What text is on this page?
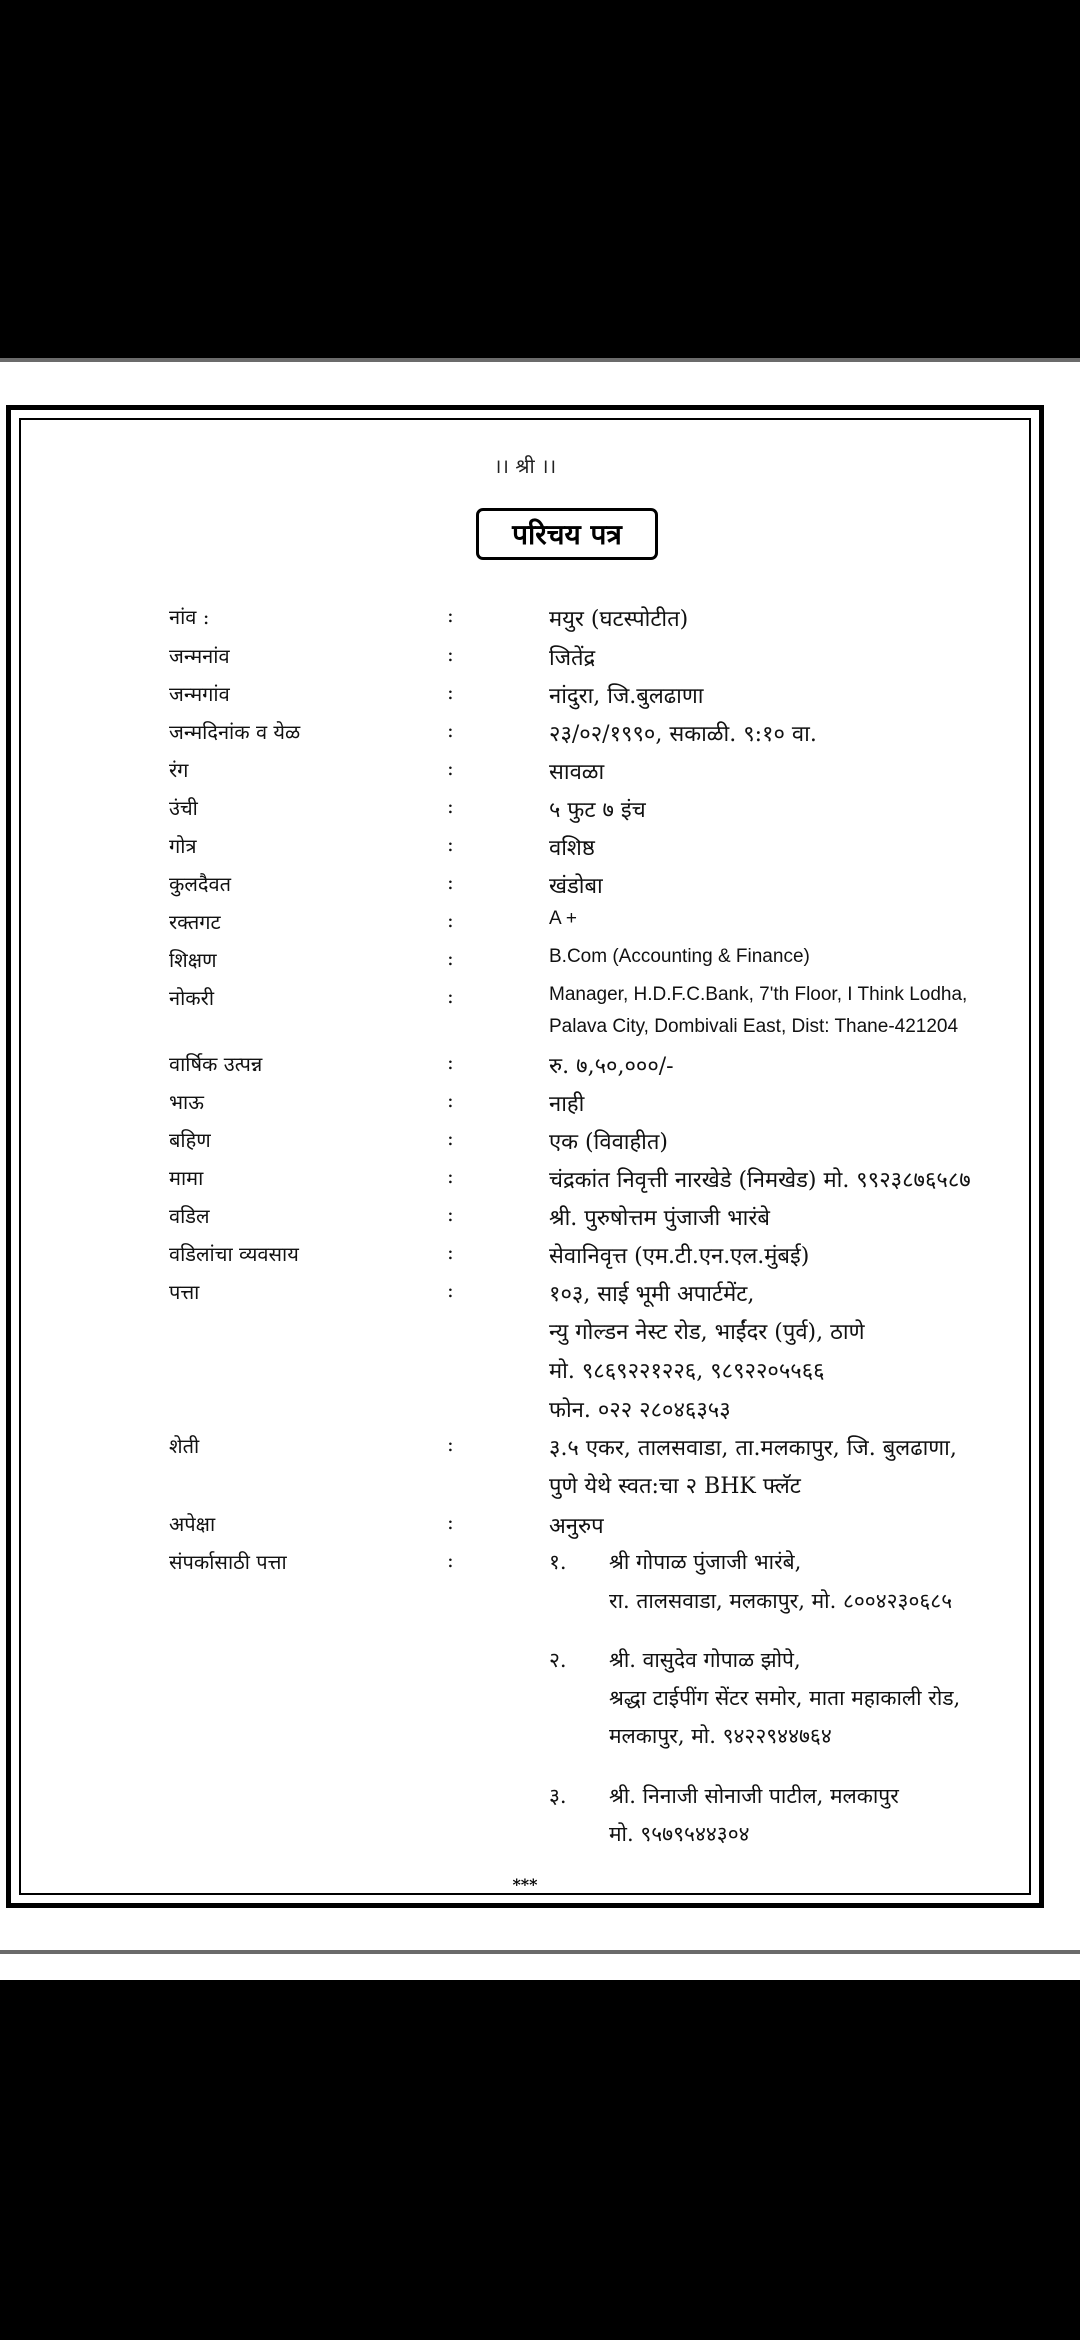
।। श्री ।।
परिचय पत्र
नांव :	:	मयुर (घटस्पोटीत)
जन्मनांव	:	जितेंद्र
जन्मगांव	:	नांदुरा, जि.बुलढाणा
जन्मदिनांक व येळ	:	२३/०२/१९९०, सकाळी. ९:१० वा.
रंग	:	सावळा
उंची	:	५ फुट ७ इंच
गोत्र	:	वशिष्ठ
कुलदैवत	:	खंडोबा
रक्तगट	:	A +
शिक्षण	:	B.Com (Accounting & Finance)
नोकरी	:	Manager, H.D.F.C.Bank, 7'th Floor, I Think Lodha,
Palava City, Dombivali East, Dist: Thane-421204
वार्षिक उत्पन्न	:	रु. ७,५०,०००/-
भाऊ	:	नाही
बहिण	:	एक (विवाहीत)
मामा	:	चंद्रकांत निवृत्ती नारखेडे (निमखेड) मो. ९९२३८७६५८७
वडिल	:	श्री. पुरुषोत्तम पुंजाजी भारंबे
वडिलांचा व्यवसाय	:	सेवानिवृत्त (एम.टी.एन.एल.मुंबई)
पत्ता	:	१०३, साई भूमी अपार्टमेंट,
न्यु गोल्डन नेस्ट रोड, भाईंदर (पुर्व), ठाणे
मो. ९८६९२२१२२६, ९८९२२०५५६६
फोन. ०२२ २८०४६३५३
शेती	:	३.५ एकर, तालसवाडा, ता.मलकापुर, जि. बुलढाणा,
पुणे येथे स्वत:चा २ BHK फ्लॅट
अपेक्षा	:	अनुरुप
संपर्कासाठी पत्ता	:	१. श्री गोपाळ पुंजाजी भारंबे,
रा. तालसवाडा, मलकापुर, मो. ८००४२३०६८५
२. श्री. वासुदेव गोपाळ झोपे,
श्रद्धा टाईपींग सेंटर समोर, माता महाकाली रोड,
मलकापुर, मो. ९४२२९४४७६४
३. श्री. निनाजी सोनाजी पाटील, मलकापुर
मो. ९५७९५४४३०४
***
